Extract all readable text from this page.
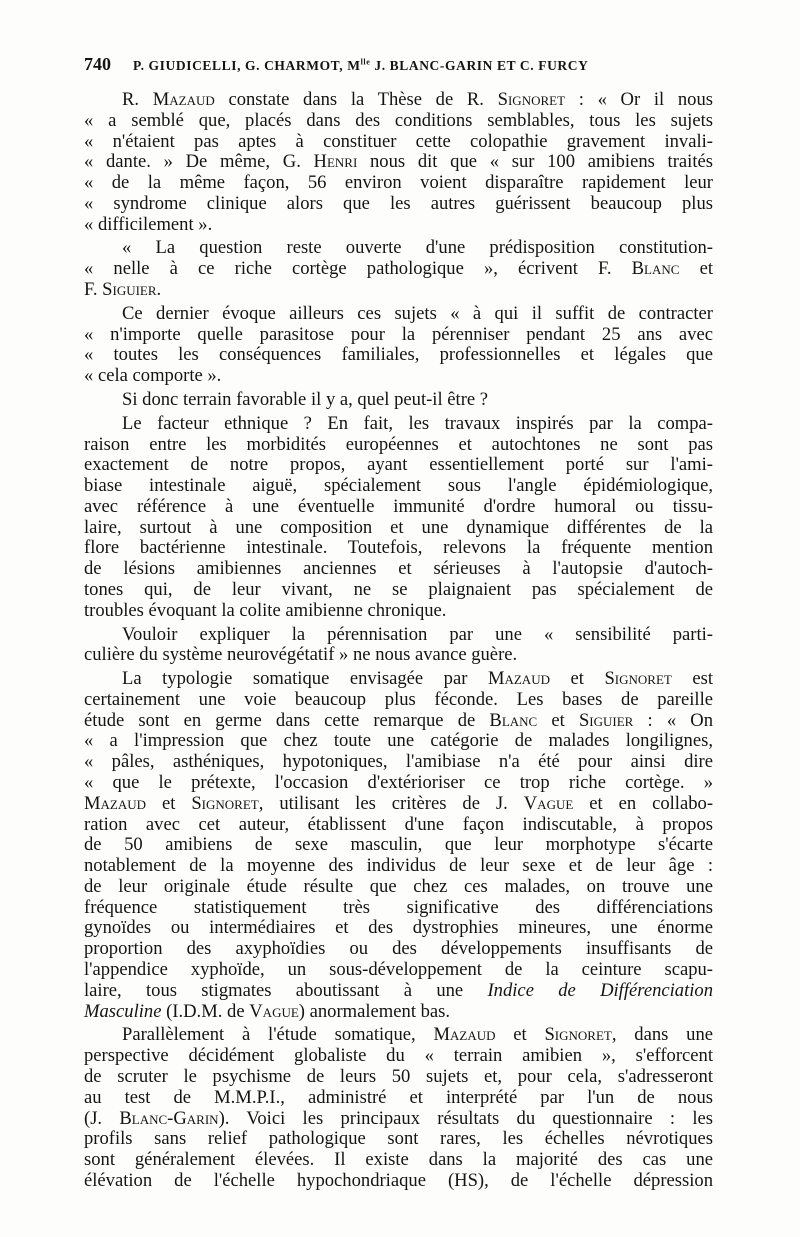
740 P. GIUDICELLI, G. CHARMOT, $M^{lle}$ J. BLANC-GARIN ET C. FURCY

R. Mazaud constate dans la Thèse de R. Signoret : « Or il nous

« a semblé que, placés dans des conditions semblables, tous les sujets

« n'étaient pas aptes à constituer cette colopathie gravement invali-

« dante. » De même, G. Henri nous dit que « sur 100 amibiens traités

« de la même façon, 56 environ voient disparaître rapidement leur

« syndrome clinique alors que les autres guérissent beaucoup plus

« difficilement ».

« La question reste ouverte d'une prédisposition constitution-

« nelle à ce riche cortège pathologique », écrivent F. Blanc et

F. Siguier.

Ce dernier évoque ailleurs ces sujets « à qui il suffit de contracter

« n'importe quelle parasitose pour la pérenniser pendant 25 ans avec

« toutes les conséquences familiales, professionnelles et légales que

« cela comporte ».

Si donc terrain favorable il y a, quel peut-il être ?

Le facteur ethnique ? En fait, les travaux inspirés par la compa-

raison entre les morbidités européennes et autochtones ne sont pas

exactement de notre propos, ayant essentiellement porté sur l'ami-

biase intestinale aiguë, spécialement sous l'angle épidémiologique,

avec référence à une éventuelle immunité d'ordre humoral ou tissu-

laire, surtout à une composition et une dynamique différentes de la

flore bactérienne intestinale. Toutefois, relevons la fréquente mention

de lésions amibiennes anciennes et sérieuses à l'autopsie d'autoch-

tones qui, de leur vivant, ne se plaignaient pas spécialement de

troubles évoquant la colite amibienne chronique.

Vouloir expliquer la pérennisation par une « sensibilité parti-

culière du système neurovégétatif » ne nous avance guère.

La typologie somatique envisagée par Mazaud et Signoret est

certainement une voie beaucoup plus féconde. Les bases de pareille

étude sont en germe dans cette remarque de Blanc et Siguier : « On

« a l'impression que chez toute une catégorie de malades longilignes,

« pâles, asthéniques, hypotoniques, l'amibiase n'a été pour ainsi dire

« que le prétexte, l'occasion d'extérioriser ce trop riche cortège. »

Mazaud et Signoret, utilisant les critères de J. Vague et en collabo-

ration avec cet auteur, établissent d'une façon indiscutable, à propos

de 50 amibiens de sexe masculin, que leur morphotype s'écarte

notablement de la moyenne des individus de leur sexe et de leur âge :

de leur originale étude résulte que chez ces malades, on trouve une

fréquence statistiquement très significative des différenciations

gynoïdes ou intermédiaires et des dystrophies mineures, une énorme

proportion des axyphoïdies ou des développements insuffisants de

l'appendice xyphoïde, un sous-développement de la ceinture scapu-

laire, tous stigmates aboutissant à une Indice de Différenciation

Masculine (I.D.M. de Vague) anormalement bas.

Parallèlement à l'étude somatique, Mazaud et Signoret, dans une

perspective décidément globaliste du « terrain amibien », s'efforcent

de scruter le psychisme de leurs 50 sujets et, pour cela, s'adresseront

au test de M.M.P.I., administré et interprété par l'un de nous

(J. Blanc-Garin). Voici les principaux résultats du questionnaire : les

profils sans relief pathologique sont rares, les échelles névrotiques

sont généralement élevées. Il existe dans la majorité des cas une

élévation de l'échelle hypochondriaque (HS), de l'échelle dépression
